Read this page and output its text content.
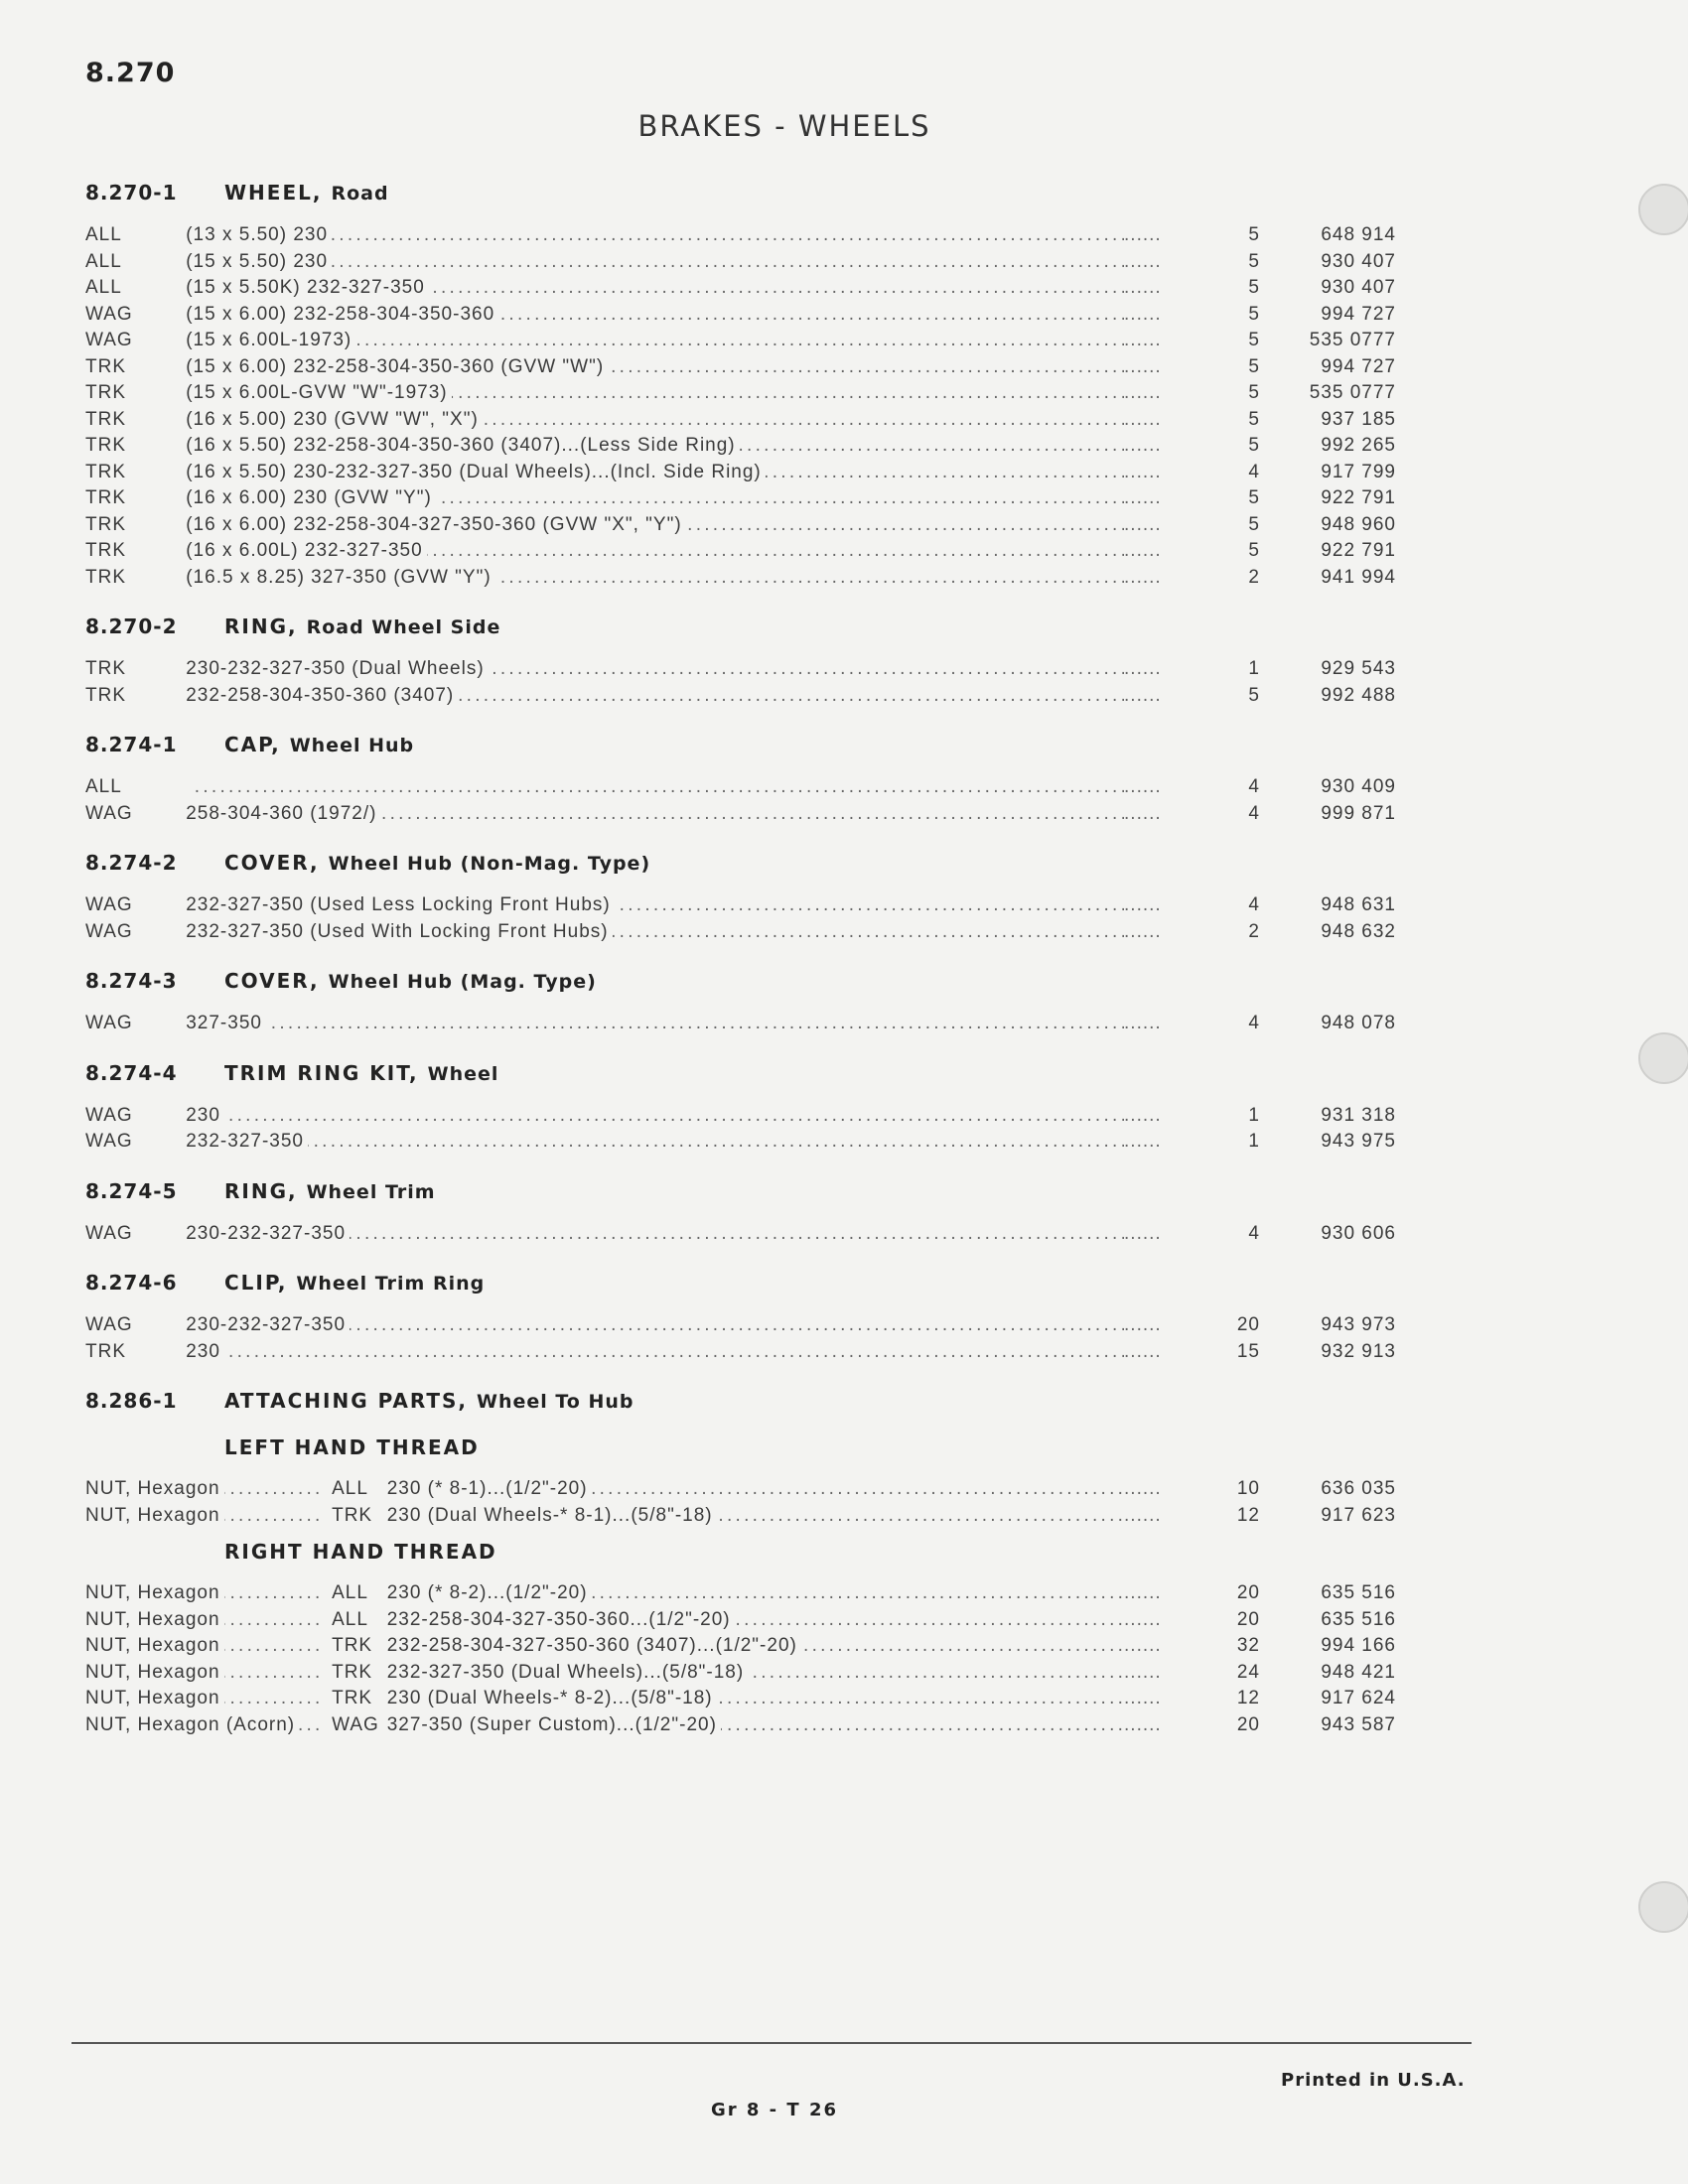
8.270
BRAKES - WHEELS
8.270-1	WHEEL, Road
ALL	(13 x 5.50) 230 . . .	......	5	648 914
ALL	(15 x 5.50) 230 . . .	......	5	930 407
ALL	(15 x 5.50K) 232-327-350 . . .	......	5	930 407
WAG	(15 x 6.00) 232-258-304-350-360 . . .	......	5	994 727
WAG	(15 x 6.00L-1973) . . .	......	5	535 0777
TRK	(15 x 6.00) 232-258-304-350-360 (GVW "W") . . .	......	5	994 727
TRK	(15 x 6.00L-GVW "W"-1973) . . .	......	5	535 0777
TRK	(16 x 5.00) 230 (GVW "W", "X") . . .	......	5	937 185
TRK	(16 x 5.50) 232-258-304-350-360 (3407)...(Less Side Ring) . . .	......	5	992 265
TRK	(16 x 5.50) 230-232-327-350 (Dual Wheels)...(Incl. Side Ring) . . .	......	4	917 799
TRK	(16 x 6.00) 230 (GVW "Y") . . .	......	5	922 791
TRK	(16 x 6.00) 232-258-304-327-350-360 (GVW "X", "Y") . . .	......	5	948 960
TRK	(16 x 6.00L) 232-327-350 . . .	......	5	922 791
TRK	(16.5 x 8.25) 327-350 (GVW "Y") . . .	......	2	941 994
8.270-2	RING, Road Wheel Side
TRK	230-232-327-350 (Dual Wheels) . . .	......	1	929 543
TRK	232-258-304-350-360 (3407) . . .	......	5	992 488
8.274-1	CAP, Wheel Hub
ALL
. . .	......	4	930 409
WAG	258-304-360 (1972/) . . .	......	4	999 871
8.274-2	COVER, Wheel Hub (Non-Mag. Type)
WAG	232-327-350 (Used Less Locking Front Hubs) . . .	......	4	948 631
WAG	232-327-350 (Used With Locking Front Hubs) . . .	......	2	948 632
8.274-3	COVER, Wheel Hub (Mag. Type)
WAG	327-350 . . .	......	4	948 078
8.274-4	TRIM RING KIT, Wheel
WAG	230 . . .	......	1	931 318
WAG	232-327-350 . . .	......	1	943 975
8.274-5	RING, Wheel Trim
WAG	230-232-327-350 . . .	......	4	930 606
8.274-6	CLIP, Wheel Trim Ring
WAG	230-232-327-350 . . .	......	20	943 973
TRK	230 . . .	......	15	932 913
8.286-1	ATTACHING PARTS, Wheel To Hub
LEFT HAND THREAD
NUT, Hexagon . . .	ALL 230 (* 8-1)...(1/2"-20) . . .	......	10	636 035
NUT, Hexagon . . .	TRK 230 (Dual Wheels-* 8-1)...(5/8"-18) . . .	......	12	917 623
RIGHT HAND THREAD
NUT, Hexagon . . .	ALL 230 (* 8-2)...(1/2"-20) . . .	......	20	635 516
NUT, Hexagon . . .	ALL 232-258-304-327-350-360...(1/2"-20) . . .	......	20	635 516
NUT, Hexagon . . .	TRK 232-258-304-327-350-360 (3407)...(1/2"-20) . . .	......	32	994 166
NUT, Hexagon . . .	TRK 232-327-350 (Dual Wheels)...(5/8"-18) . . .	......	24	948 421
NUT, Hexagon . . .	TRK 230 (Dual Wheels-* 8-2)...(5/8"-18) . . .	......	12	917 624
NUT, Hexagon (Acorn) . . .	WAG 327-350 (Super Custom)...(1/2"-20) . . .	......	20	943 587
Printed in U.S.A.
Gr 8 - T 26
